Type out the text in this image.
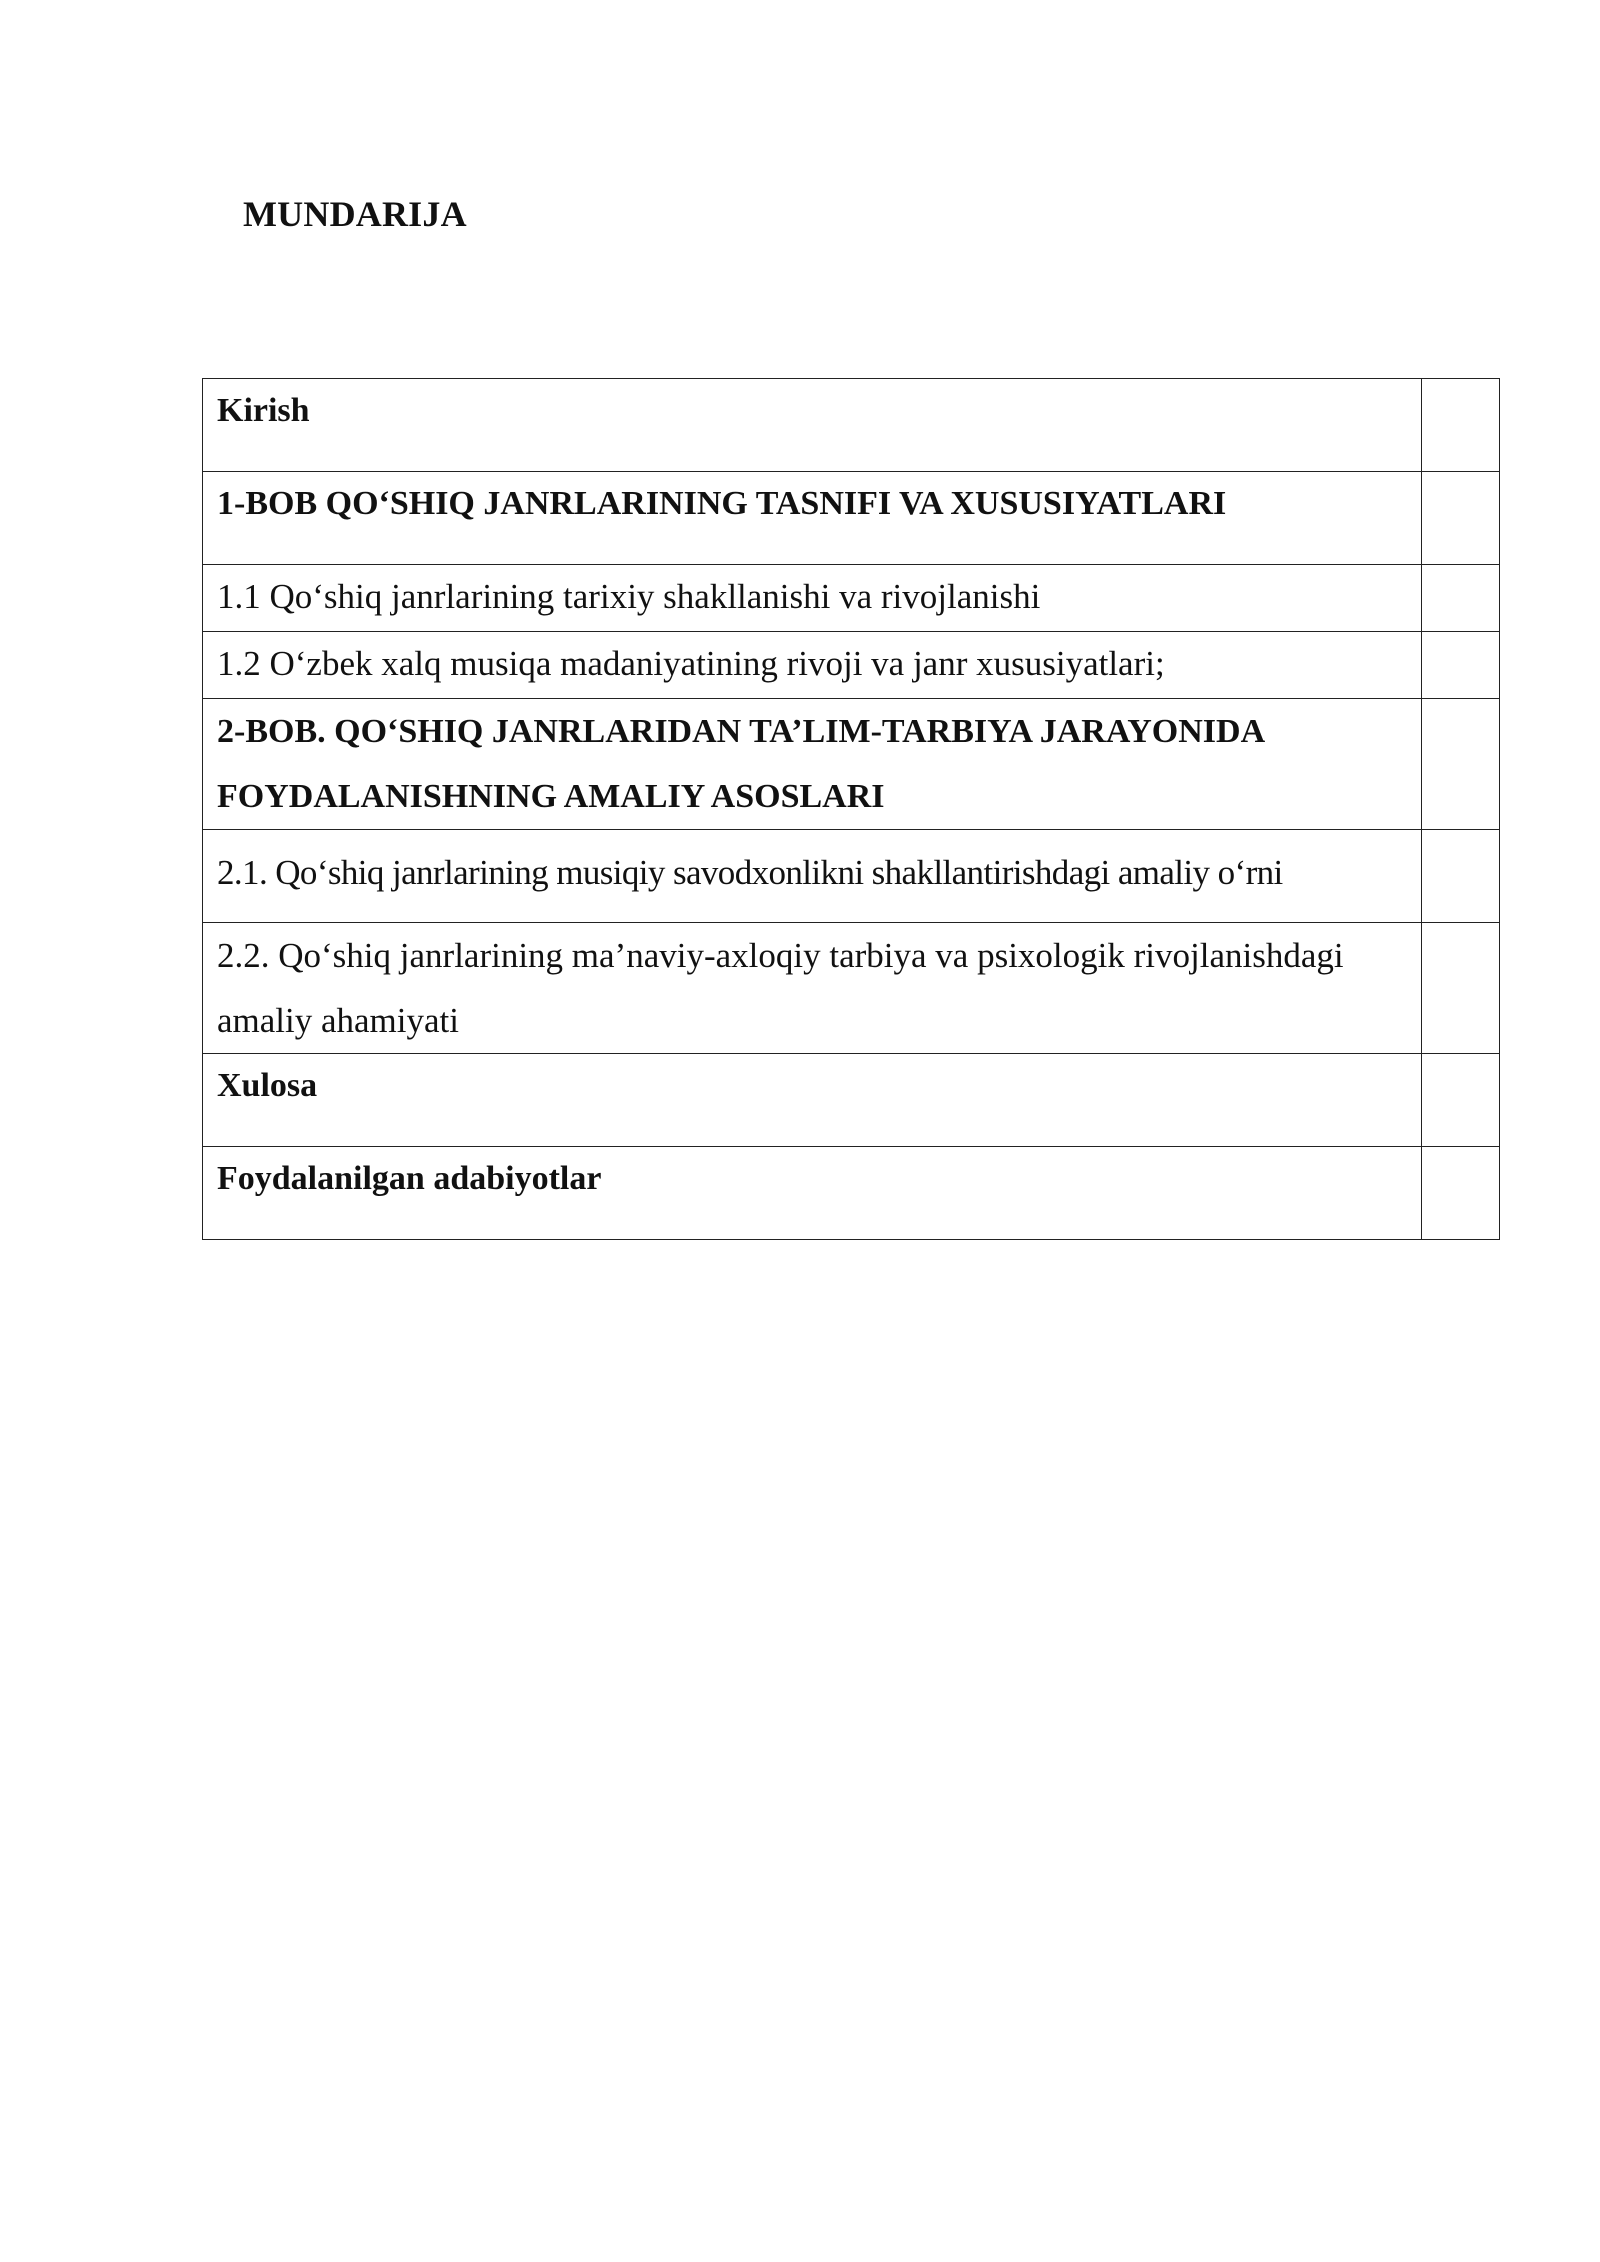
MUNDARIJA
Kirish	

1-BOB QO‘SHIQ JANRLARINING TASNIFI VA XUSUSIYATLARI	

1.1 Qo‘shiq janrlarining tarixiy shakllanishi va rivojlanishi	

1.2 O‘zbek xalq musiqa madaniyatining rivoji va janr xususiyatlari;	

2-BOB. QO‘SHIQ JANRLARIDAN TA’LIM-TARBIYA JARAYONIDA FOYDALANISHNING AMALIY ASOSLARI	

2.1. Qo‘shiq janrlarining musiqiy savodxonlikni shakllantirishdagi amaliy o‘rni	

2.2. Qo‘shiq janrlarining ma’naviy-axloqiy tarbiya va psixologik rivojlanishdagi amaliy ahamiyati	

Xulosa	

Foydalanilgan adabiyotlar	
